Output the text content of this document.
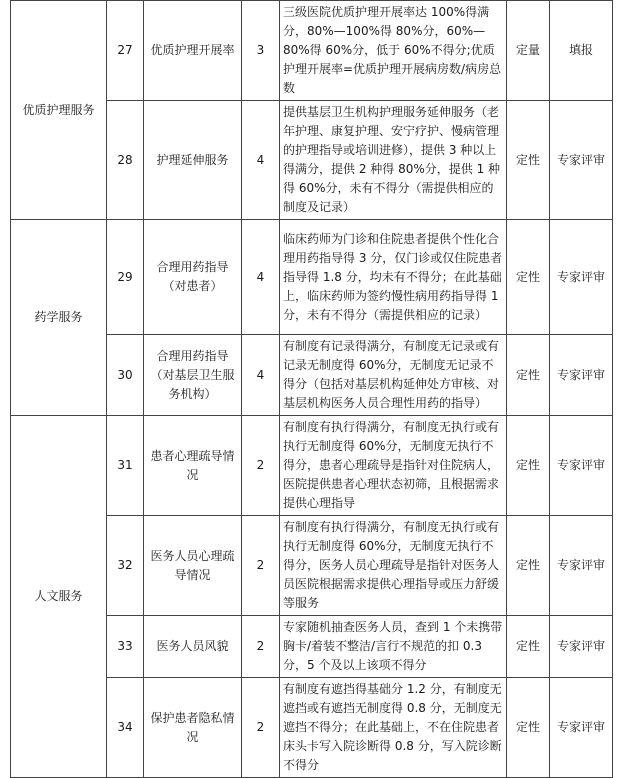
优质护理服务	27	优质护理开展率	3	三级医院优质护理开展率达 100%得满分，80%—100%得 80%分，60%—80%得 60%分，低于 60%不得分;优质护理开展率=优质护理开展病房数/病房总数	定量	填报
	28	护理延伸服务	4	提供基层卫生机构护理服务延伸服务（老年护理、康复护理、安宁疗护、慢病管理的护理指导或培训进修），提供 3 种以上得满分，提供 2 种得 80%分，提供 1 种得 60%分，未有不得分（需提供相应的制度及记录）	定性	专家评审
药学服务	29	合理用药指导（对患者）	4	临床药师为门诊和住院患者提供个性化合理用药指导得 3 分，仅门诊或仅住院患者指导得 1.8 分，均未有不得分；在此基础上，临床药师为签约慢性病用药指导得 1 分，未有不得分（需提供相应的记录）	定性	专家评审
	30	合理用药指导（对基层卫生服务机构）	4	有制度有记录得满分，有制度无记录或有记录无制度得 60%分，无制度无记录不得分（包括对基层机构延伸处方审核、对基层机构医务人员合理性用药的指导）	定性	专家评审
人文服务	31	患者心理疏导情况	2	有制度有执行得满分，有制度无执行或有执行无制度得 60%分，无制度无执行不得分，患者心理疏导是指针对住院病人，医院提供患者心理状态初筛，且根据需求提供心理指导	定性	专家评审
	32	医务人员心理疏导情况	2	有制度有执行得满分，有制度无执行或有执行无制度得 60%分，无制度无执行不得分，医务人员心理疏导是指针对医务人员医院根据需求提供心理指导或压力舒缓等服务	定性	专家评审
	33	医务人员风貌	2	专家随机抽查医务人员，查到 1 个未携带胸卡/着装不整洁/言行不规范的扣 0.3 分，5 个及以上该项不得分	定性	专家评审
	34	保护患者隐私情况	2	有制度有遮挡得基础分 1.2 分，有制度无遮挡或有遮挡无制度得 0.8 分，无制度无遮挡不得分；在此基础上，不在住院患者床头卡写入院诊断得 0.8 分，写入院诊断不得分	定性	专家评审
